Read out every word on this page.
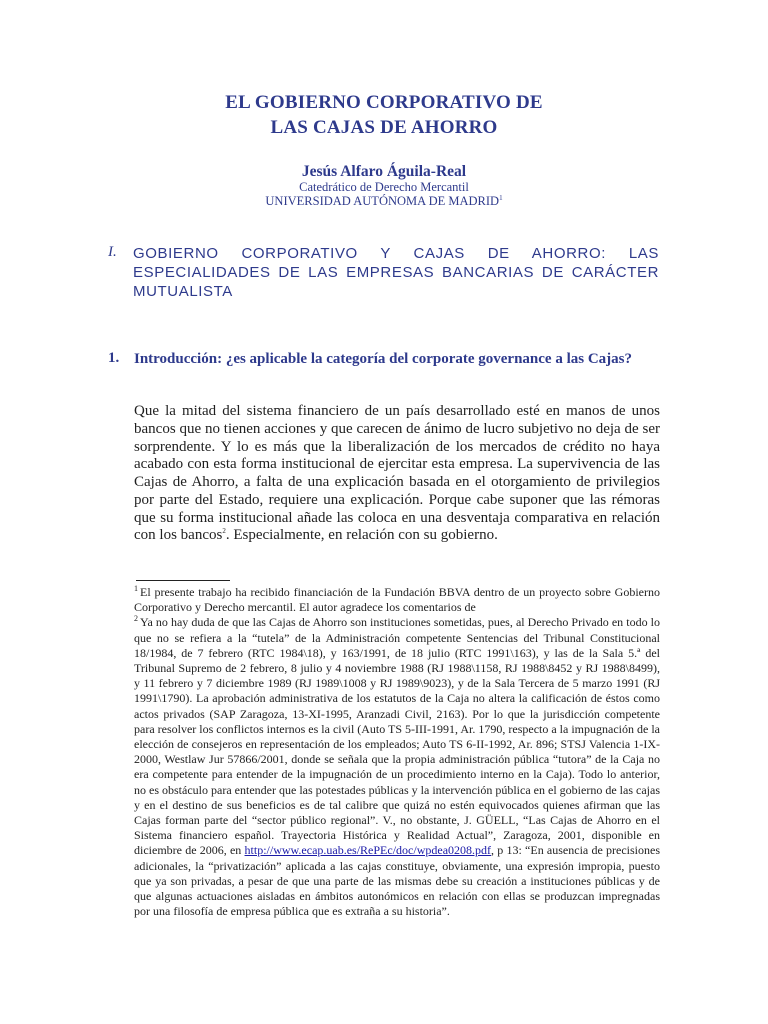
EL GOBIERNO CORPORATIVO DE
LAS CAJAS DE AHORRO
Jesús Alfaro Águila-Real
Catedrático de Derecho Mercantil
UNIVERSIDAD AUTÓNOMA DE MADRID$^1$
I. GOBIERNO CORPORATIVO Y CAJAS DE AHORRO: LAS ESPECIALIDADES DE LAS EMPRESAS BANCARIAS DE CARÁCTER MUTUALISTA
1. Introducción: ¿es aplicable la categoría del corporate governance a las Cajas?
Que la mitad del sistema financiero de un país desarrollado esté en manos de unos bancos que no tienen acciones y que carecen de ánimo de lucro subjetivo no deja de ser sorprendente. Y lo es más que la liberalización de los mercados de crédito no haya acabado con esta forma institucional de ejercitar esta empresa. La supervivencia de las Cajas de Ahorro, a falta de una explicación basada en el otorgamiento de privilegios por parte del Estado, requiere una explicación. Porque cabe suponer que las rémoras que su forma institucional añade las coloca en una desventaja comparativa en relación con los bancos$^2$. Especialmente, en relación con su gobierno.

$^1$ El presente trabajo ha recibido financiación de la Fundación BBVA dentro de un proyecto sobre Gobierno Corporativo y Derecho mercantil. El autor agradece los comentarios de

$^2$ Ya no hay duda de que las Cajas de Ahorro son instituciones sometidas, pues, al Derecho Privado en todo lo que no se refiera a la “tutela” de la Administración competente Sentencias del Tribunal Constitucional 18/1984, de 7 febrero (RTC 1984\18), y 163/1991, de 18 julio (RTC 1991\163), y las de la Sala 5.ª del Tribunal Supremo de 2 febrero, 8 julio y 4 noviembre 1988 (RJ 1988\1158, RJ 1988\8452 y RJ 1988\8499), y 11 febrero y 7 diciembre 1989 (RJ 1989\1008 y RJ 1989\9023), y de la Sala Tercera de 5 marzo 1991 (RJ 1991\1790). La aprobación administrativa de los estatutos de la Caja no altera la calificación de éstos como actos privados (SAP Zaragoza, 13-XI-1995, Aranzadi Civil, 2163). Por lo que la jurisdicción competente para resolver los conflictos internos es la civil (Auto TS 5-III-1991, Ar. 1790, respecto a la impugnación de la elección de consejeros en representación de los empleados; Auto TS 6-II-1992, Ar. 896; STSJ Valencia 1-IX-2000, Westlaw Jur 57866/2001, donde se señala que la propia administración pública “tutora” de la Caja no era competente para entender de la impugnación de un procedimiento interno en la Caja). Todo lo anterior, no es obstáculo para entender que las potestades públicas y la intervención pública en el gobierno de las cajas y en el destino de sus beneficios es de tal calibre que quizá no estén equivocados quienes afirman que las Cajas forman parte del “sector público regional”. V., no obstante, J. GÜELL, “Las Cajas de Ahorro en el Sistema financiero español. Trayectoria Histórica y Realidad Actual”, Zaragoza, 2001, disponible en diciembre de 2006, en http://www.ecap.uab.es/RePEc/doc/wpdea0208.pdf, p 13: “En ausencia de precisiones adicionales, la “privatización” aplicada a las cajas constituye, obviamente, una expresión impropia, puesto que ya son privadas, a pesar de que una parte de las mismas debe su creación a instituciones públicas y de que algunas actuaciones aisladas en ámbitos autonómicos en relación con ellas se produzcan impregnadas por una filosofía de empresa pública que es extraña a su historia”.
